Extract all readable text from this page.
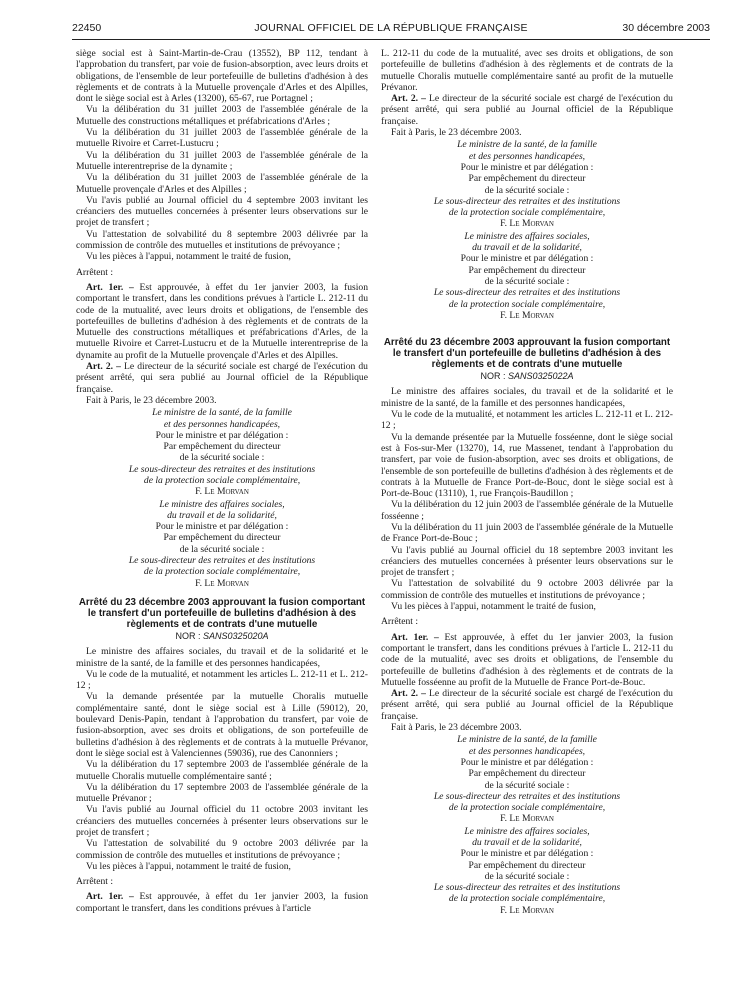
22450	JOURNAL OFFICIEL DE LA RÉPUBLIQUE FRANÇAISE	30 décembre 2003

siège social est à Saint-Martin-de-Crau (13552), BP 112, tendant à l'approbation du transfert, par voie de fusion-absorption, avec leurs droits et obligations, de l'ensemble de leur portefeuille de bulletins d'adhésion à des règlements et de contrats à la Mutuelle provençale d'Arles et des Alpilles, dont le siège social est à Arles (13200), 65-67, rue Portagnel ;

Vu la délibération du 31 juillet 2003 de l'assemblée générale de la Mutuelle des constructions métalliques et préfabrications d'Arles ;

Vu la délibération du 31 juillet 2003 de l'assemblée générale de la mutuelle Rivoire et Carret-Lustucru ;

Vu la délibération du 31 juillet 2003 de l'assemblée générale de la Mutuelle interentreprise de la dynamite ;

Vu la délibération du 31 juillet 2003 de l'assemblée générale de la Mutuelle provençale d'Arles et des Alpilles ;

Vu l'avis publié au Journal officiel du 4 septembre 2003 invitant les créanciers des mutuelles concernées à présenter leurs observations sur le projet de transfert ;

Vu l'attestation de solvabilité du 8 septembre 2003 délivrée par la commission de contrôle des mutuelles et institutions de prévoyance ;

Vu les pièces à l'appui, notamment le traité de fusion,

Arrêtent :

Art. 1er. – Est approuvée, à effet du 1er janvier 2003, la fusion comportant le transfert, dans les conditions prévues à l'article L. 212-11 du code de la mutualité, avec leurs droits et obligations, de l'ensemble des portefeuilles de bulletins d'adhésion à des règlements et de contrats de la Mutuelle des constructions métalliques et préfabrications d'Arles, de la mutuelle Rivoire et Carret-Lustucru et de la Mutuelle interentreprise de la dynamite au profit de la Mutuelle provençale d'Arles et des Alpilles.

Art. 2. – Le directeur de la sécurité sociale est chargé de l'exécution du présent arrêté, qui sera publié au Journal officiel de la République française.

Fait à Paris, le 23 décembre 2003.

Le ministre de la santé, de la famille
et des personnes handicapées,
Pour le ministre et par délégation :
Par empêchement du directeur
de la sécurité sociale :
Le sous-directeur des retraites et des institutions
de la protection sociale complémentaire,
F. Le Morvan
Le ministre des affaires sociales,
du travail et de la solidarité,
Pour le ministre et par délégation :
Par empêchement du directeur
de la sécurité sociale :
Le sous-directeur des retraites et des institutions
de la protection sociale complémentaire,
F. Le Morvan
Arrêté du 23 décembre 2003 approuvant la fusion comportant le transfert d'un portefeuille de bulletins d'adhésion à des règlements et de contrats d'une mutuelle
NOR : SANS0325020A

Le ministre des affaires sociales, du travail et de la solidarité et le ministre de la santé, de la famille et des personnes handicapées,

Vu le code de la mutualité, et notamment les articles L. 212-11 et L. 212-12 ;

Vu la demande présentée par la mutuelle Choralis mutuelle complémentaire santé, dont le siège social est à Lille (59012), 20, boulevard Denis-Papin, tendant à l'approbation du transfert, par voie de fusion-absorption, avec ses droits et obligations, de son portefeuille de bulletins d'adhésion à des règlements et de contrats à la mutuelle Prévanor, dont le siège social est à Valenciennes (59036), rue des Canonniers ;

Vu la délibération du 17 septembre 2003 de l'assemblée générale de la mutuelle Choralis mutuelle complémentaire santé ;

Vu la délibération du 17 septembre 2003 de l'assemblée générale de la mutuelle Prévanor ;

Vu l'avis publié au Journal officiel du 11 octobre 2003 invitant les créanciers des mutuelles concernées à présenter leurs observations sur le projet de transfert ;

Vu l'attestation de solvabilité du 9 octobre 2003 délivrée par la commission de contrôle des mutuelles et institutions de prévoyance ;

Vu les pièces à l'appui, notamment le traité de fusion,

Arrêtent :

Art. 1er. – Est approuvée, à effet du 1er janvier 2003, la fusion comportant le transfert, dans les conditions prévues à l'article

L. 212-11 du code de la mutualité, avec ses droits et obligations, de son portefeuille de bulletins d'adhésion à des règlements et de contrats de la mutuelle Choralis mutuelle complémentaire santé au profit de la mutuelle Prévanor.

Art. 2. – Le directeur de la sécurité sociale est chargé de l'exécution du présent arrêté, qui sera publié au Journal officiel de la République française.

Fait à Paris, le 23 décembre 2003.

Le ministre de la santé, de la famille
et des personnes handicapées,
Pour le ministre et par délégation :
Par empêchement du directeur
de la sécurité sociale :
Le sous-directeur des retraites et des institutions
de la protection sociale complémentaire,
F. Le Morvan
Le ministre des affaires sociales,
du travail et de la solidarité,
Pour le ministre et par délégation :
Par empêchement du directeur
de la sécurité sociale :
Le sous-directeur des retraites et des institutions
de la protection sociale complémentaire,
F. Le Morvan
Arrêté du 23 décembre 2003 approuvant la fusion comportant le transfert d'un portefeuille de bulletins d'adhésion à des règlements et de contrats d'une mutuelle
NOR : SANS0325022A

Le ministre des affaires sociales, du travail et de la solidarité et le ministre de la santé, de la famille et des personnes handicapées,

Vu le code de la mutualité, et notamment les articles L. 212-11 et L. 212-12 ;

Vu la demande présentée par la Mutuelle fosséenne, dont le siège social est à Fos-sur-Mer (13270), 14, rue Massenet, tendant à l'approbation du transfert, par voie de fusion-absorption, avec ses droits et obligations, de l'ensemble de son portefeuille de bulletins d'adhésion à des règlements et de contrats à la Mutuelle de France Port-de-Bouc, dont le siège social est à Port-de-Bouc (13110), 1, rue François-Baudillon ;

Vu la délibération du 12 juin 2003 de l'assemblée générale de la Mutuelle fosséenne ;

Vu la délibération du 11 juin 2003 de l'assemblée générale de la Mutuelle de France Port-de-Bouc ;

Vu l'avis publié au Journal officiel du 18 septembre 2003 invitant les créanciers des mutuelles concernées à présenter leurs observations sur le projet de transfert ;

Vu l'attestation de solvabilité du 9 octobre 2003 délivrée par la commission de contrôle des mutuelles et institutions de prévoyance ;

Vu les pièces à l'appui, notamment le traité de fusion,

Arrêtent :

Art. 1er. – Est approuvée, à effet du 1er janvier 2003, la fusion comportant le transfert, dans les conditions prévues à l'article L. 212-11 du code de la mutualité, avec ses droits et obligations, de l'ensemble du portefeuille de bulletins d'adhésion à des règlements et de contrats de la Mutuelle fosséenne au profit de la Mutuelle de France Port-de-Bouc.

Art. 2. – Le directeur de la sécurité sociale est chargé de l'exécution du présent arrêté, qui sera publié au Journal officiel de la République française.

Fait à Paris, le 23 décembre 2003.

Le ministre de la santé, de la famille
et des personnes handicapées,
Pour le ministre et par délégation :
Par empêchement du directeur
de la sécurité sociale :
Le sous-directeur des retraites et des institutions
de la protection sociale complémentaire,
F. Le Morvan
Le ministre des affaires sociales,
du travail et de la solidarité,
Pour le ministre et par délégation :
Par empêchement du directeur
de la sécurité sociale :
Le sous-directeur des retraites et des institutions
de la protection sociale complémentaire,
F. Le Morvan
